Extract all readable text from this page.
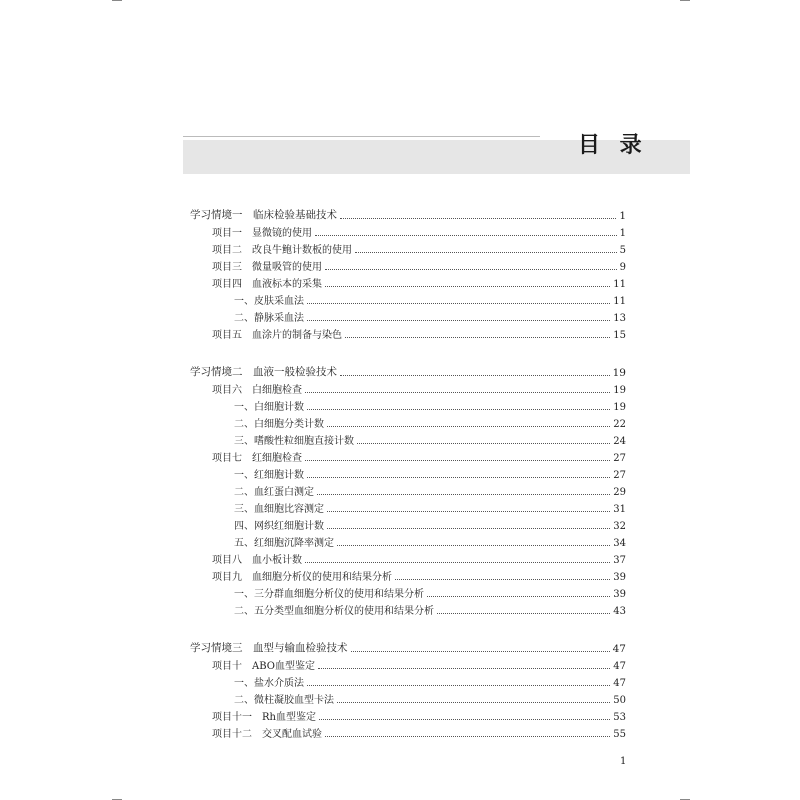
目 录
学习情境一　临床检验基础技术	1
项目一　显微镜的使用	1
项目二　改良牛鲍计数板的使用	5
项目三　微量吸管的使用	9
项目四　血液标本的采集	11
一、皮肤采血法	11
二、静脉采血法	13
项目五　血涂片的制备与染色	15
学习情境二　血液一般检验技术	19
项目六　白细胞检查	19
一、白细胞计数	19
二、白细胞分类计数	22
三、嗜酸性粒细胞直接计数	24
项目七　红细胞检查	27
一、红细胞计数	27
二、血红蛋白测定	29
三、血细胞比容测定	31
四、网织红细胞计数	32
五、红细胞沉降率测定	34
项目八　血小板计数	37
项目九　血细胞分析仪的使用和结果分析	39
一、三分群血细胞分析仪的使用和结果分析	39
二、五分类型血细胞分析仪的使用和结果分析	43
学习情境三　血型与输血检验技术	47
项目十　ABO血型鉴定	47
一、盐水介质法	47
二、微柱凝胶血型卡法	50
项目十一　Rh血型鉴定	53
项目十二　交叉配血试验	55
1
